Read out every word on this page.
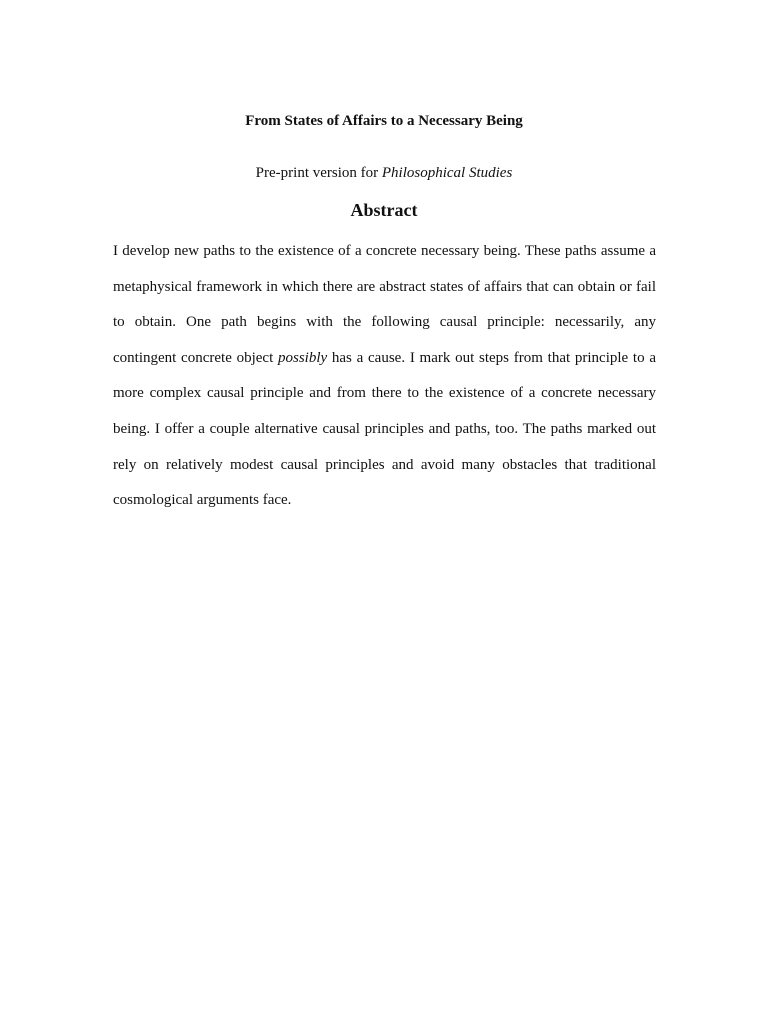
From States of Affairs to a Necessary Being
Pre-print version for Philosophical Studies
Abstract
I develop new paths to the existence of a concrete necessary being. These paths assume a
metaphysical framework in which there are abstract states of affairs that can obtain or fail
to obtain. One path begins with the following causal principle: necessarily, any
contingent concrete object possibly has a cause. I mark out steps from that principle to a
more complex causal principle and from there to the existence of a concrete necessary
being. I offer a couple alternative causal principles and paths, too. The paths marked out
rely on relatively modest causal principles and avoid many obstacles that traditional
cosmological arguments face.
